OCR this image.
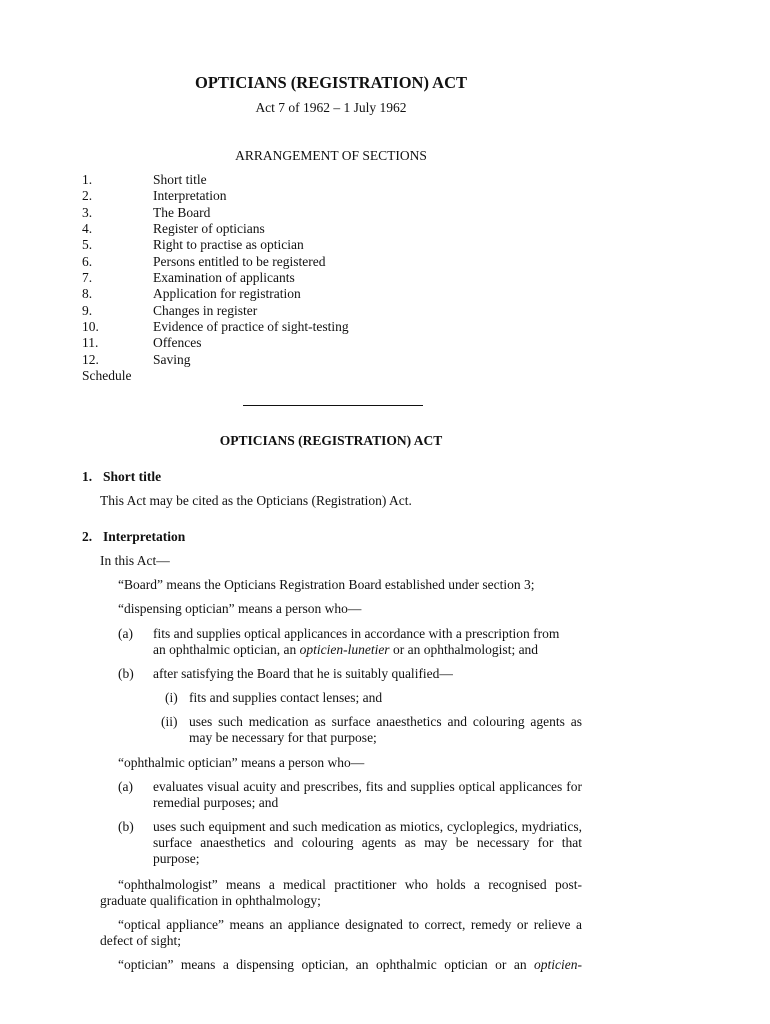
OPTICIANS (REGISTRATION) ACT
Act 7 of 1962 – 1 July 1962
ARRANGEMENT OF SECTIONS
1.	Short title
2.	Interpretation
3.	The Board
4.	Register of opticians
5.	Right to practise as optician
6.	Persons entitled to be registered
7.	Examination of applicants
8.	Application for registration
9.	Changes in register
10.	Evidence of practice of sight-testing
11.	Offences
12.	Saving
Schedule
OPTICIANS (REGISTRATION) ACT
1. Short title
This Act may be cited as the Opticians (Registration) Act.
2. Interpretation
In this Act—
“Board” means the Opticians Registration Board established under section 3;
“dispensing optician” means a person who—
(a) fits and supplies optical applicances in accordance with a prescription from
an ophthalmic optician, an opticien-lunetier or an ophthalmologist; and
(b) after satisfying the Board that he is suitably qualified—
(i) fits and supplies contact lenses; and
(ii) uses such medication as surface anaesthetics and colouring agents as may be necessary for that purpose;
“ophthalmic optician” means a person who—
(a) evaluates visual acuity and prescribes, fits and supplies optical applicances for remedial purposes; and
(b) uses such equipment and such medication as miotics, cycloplegics, mydriatics, surface anaesthetics and colouring agents as may be necessary for that purpose;
“ophthalmologist” means a medical practitioner who holds a recognised post-graduate qualification in ophthalmology;
“optical appliance” means an appliance designated to correct, remedy or relieve a defect of sight;
“optician” means a dispensing optician, an ophthalmic optician or an opticien-
